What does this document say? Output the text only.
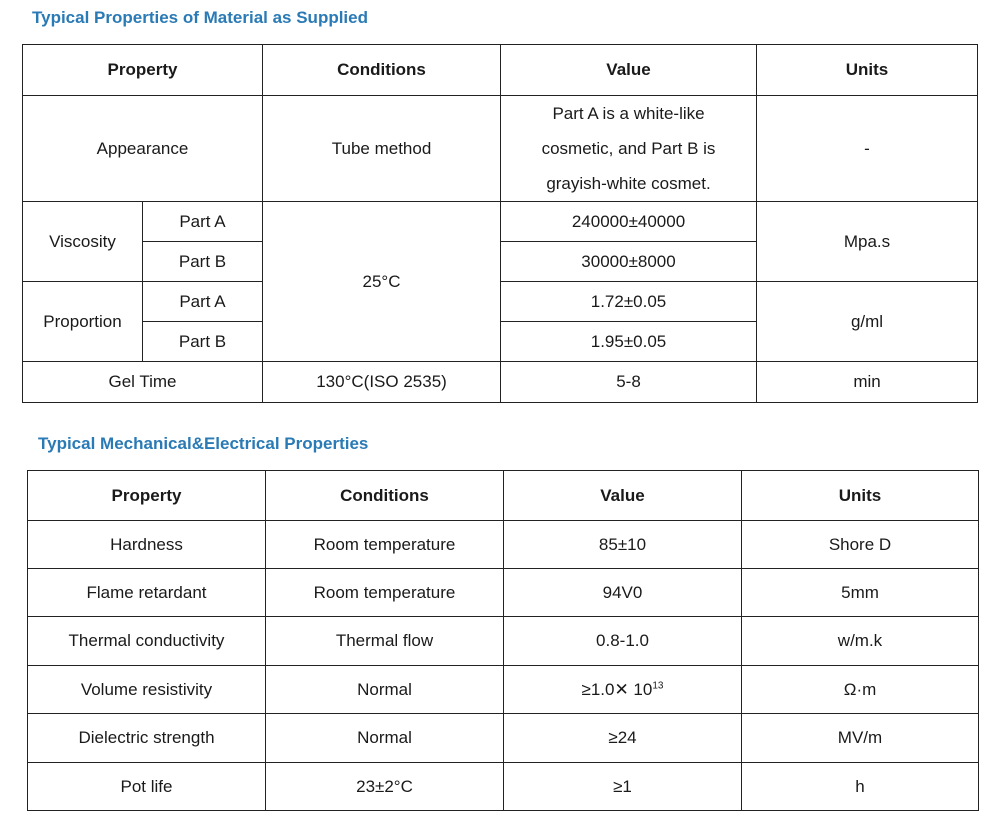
Typical Properties of Material as Supplied
Property		Conditions	Value	Units
Appearance		Tube method	Part A is a white-like
cosmetic, and Part B is
grayish-white cosmet.	-
Viscosity	Part A	25°C	240000±40000	Mpa.s
	Part B		30000±8000	
Proportion	Part A		1.72±0.05	g/ml
	Part B		1.95±0.05	
Gel Time		130°C(ISO 2535)	5-8	min
Typical Mechanical&Electrical Properties
Property	Conditions	Value	Units
Hardness	Room temperature	85±10	Shore D
Flame retardant	Room temperature	94V0	5mm
Thermal conductivity	Thermal flow	0.8-1.0	w/m.k
Volume resistivity	Normal	≥1.0✕ $10^{13}$	Ω·m
Dielectric strength	Normal	≥24	MV/m
Pot life	23±2°C	≥1	h
